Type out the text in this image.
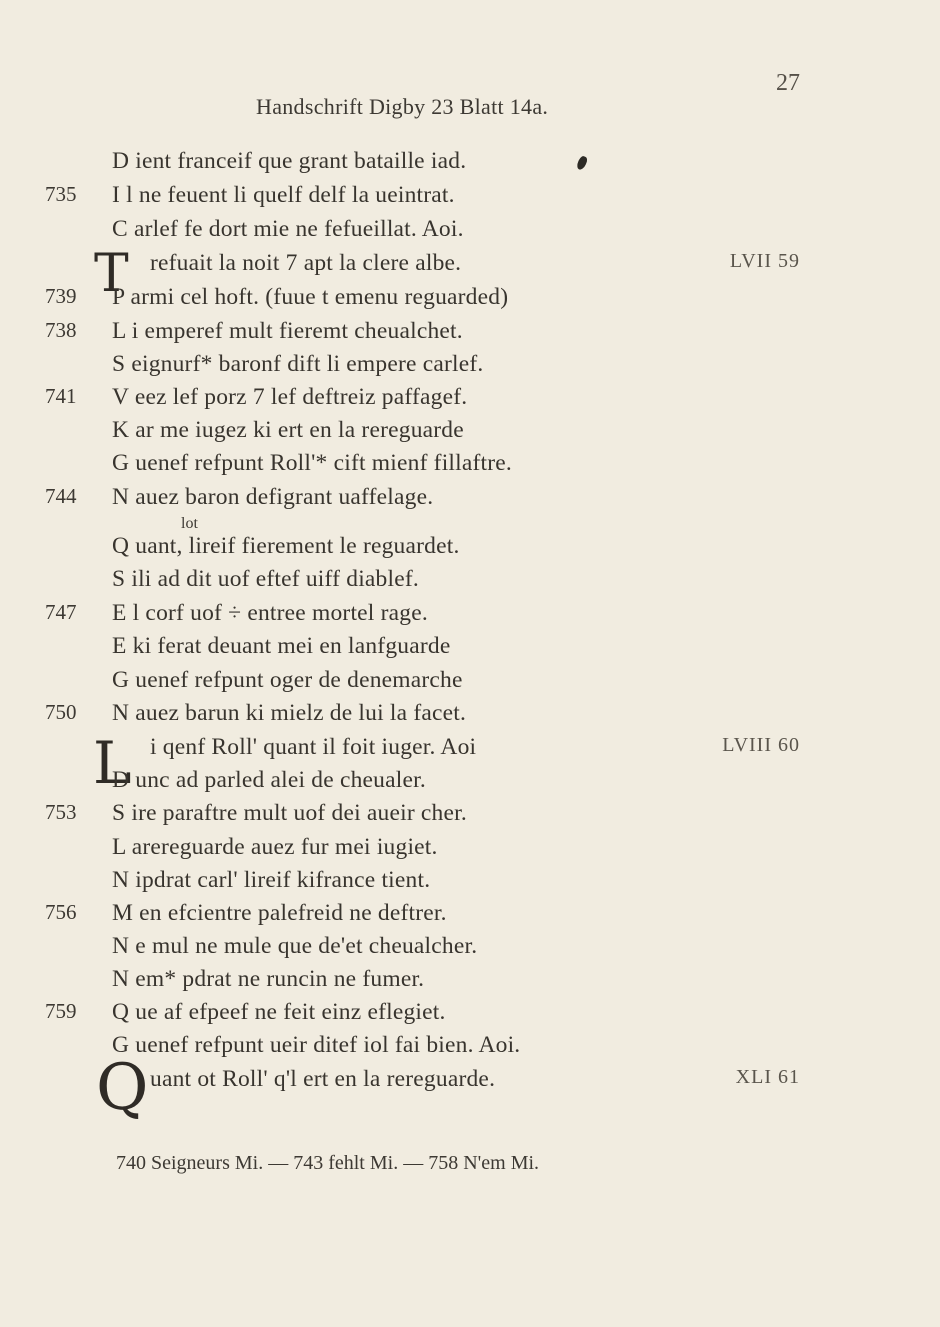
27
Handschrift Digby 23 Blatt 14a.
T
L
Q
lot
D ient franceif que grant bataille iad.
735 I l ne feuent li quelf delf la ueintrat.
C arlef fe dort mie ne fefueillat. Aoi.
refuait la noit 7 apt la clere albe.	LVII 59
739 P armi cel hoft. (fuue t emenu reguarded)
738 L i emperef mult fieremt cheualchet.
S eignurf* baronf dift li empere carlef.
741 V eez lef porz 7 lef deftreiz paffagef.
K ar me iugez ki ert en la rereguarde
G uenef refpunt Roll'* cift mienf fillaftre.
744 N auez baron defigrant uaffelage.
Q uant, lireif fierement le reguardet.
S ili ad dit uof eftef uiff diablef.
747 E l corf uof ÷ entree mortel rage.
E ki ferat deuant mei en lanfguarde
G uenef refpunt oger de denemarche
750 N auez barun ki mielz de lui la facet.
i qenf Roll' quant il foit iuger. Aoi	LVIII 60
D unc ad parled alei de cheualer.
753 S ire paraftre mult uof dei aueir cher.
L arereguarde auez fur mei iugiet.
N ipdrat carl' lireif kifrance tient.
756 M en efcientre palefreid ne deftrer.
N e mul ne mule que de'et cheualcher.
N em* pdrat ne runcin ne fumer.
759 Q ue af efpeef ne feit einz eflegiet.
G uenef refpunt ueir ditef iol fai bien. Aoi.
uant ot Roll' q'l ert en la rereguarde.	XLI 61
740 Seigneurs Mi. — 743 fehlt Mi. — 758 N'em Mi.
